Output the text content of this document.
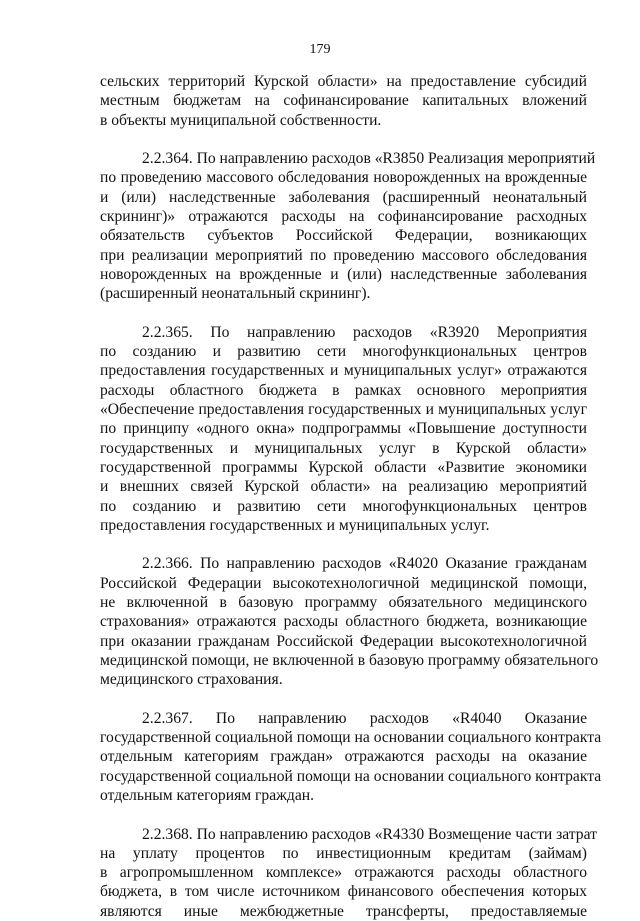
179
сельских территорий Курской области» на предоставление субсидий
местным бюджетам на софинансирование капитальных вложений
в объекты муниципальной собственности.
2.2.364. По направлению расходов «R3850 Реализация мероприятий
по проведению массового обследования новорожденных на врожденные
и (или) наследственные заболевания (расширенный неонатальный
скрининг)» отражаются расходы на софинансирование расходных
обязательств субъектов Российской Федерации, возникающих
при реализации мероприятий по проведению массового обследования
новорожденных на врожденные и (или) наследственные заболевания
(расширенный неонатальный скрининг).
2.2.365. По направлению расходов «R3920 Мероприятия
по созданию и развитию сети многофункциональных центров
предоставления государственных и муниципальных услуг» отражаются
расходы областного бюджета в рамках основного мероприятия
«Обеспечение предоставления государственных и муниципальных услуг
по принципу «одного окна» подпрограммы «Повышение доступности
государственных и муниципальных услуг в Курской области»
государственной программы Курской области «Развитие экономики
и внешних связей Курской области» на реализацию мероприятий
по созданию и развитию сети многофункциональных центров
предоставления государственных и муниципальных услуг.
2.2.366. По направлению расходов «R4020 Оказание гражданам
Российской Федерации высокотехнологичной медицинской помощи,
не включенной в базовую программу обязательного медицинского
страхования» отражаются расходы областного бюджета, возникающие
при оказании гражданам Российской Федерации высокотехнологичной
медицинской помощи, не включенной в базовую программу обязательного
медицинского страхования.
2.2.367. По направлению расходов «R4040 Оказание
государственной социальной помощи на основании социального контракта
отдельным категориям граждан» отражаются расходы на оказание
государственной социальной помощи на основании социального контракта
отдельным категориям граждан.
2.2.368. По направлению расходов «R4330 Возмещение части затрат
на уплату процентов по инвестиционным кредитам (займам)
в агропромышленном комплексе» отражаются расходы областного
бюджета, в том числе источником финансового обеспечения которых
являются иные межбюджетные трансферты, предоставляемые
